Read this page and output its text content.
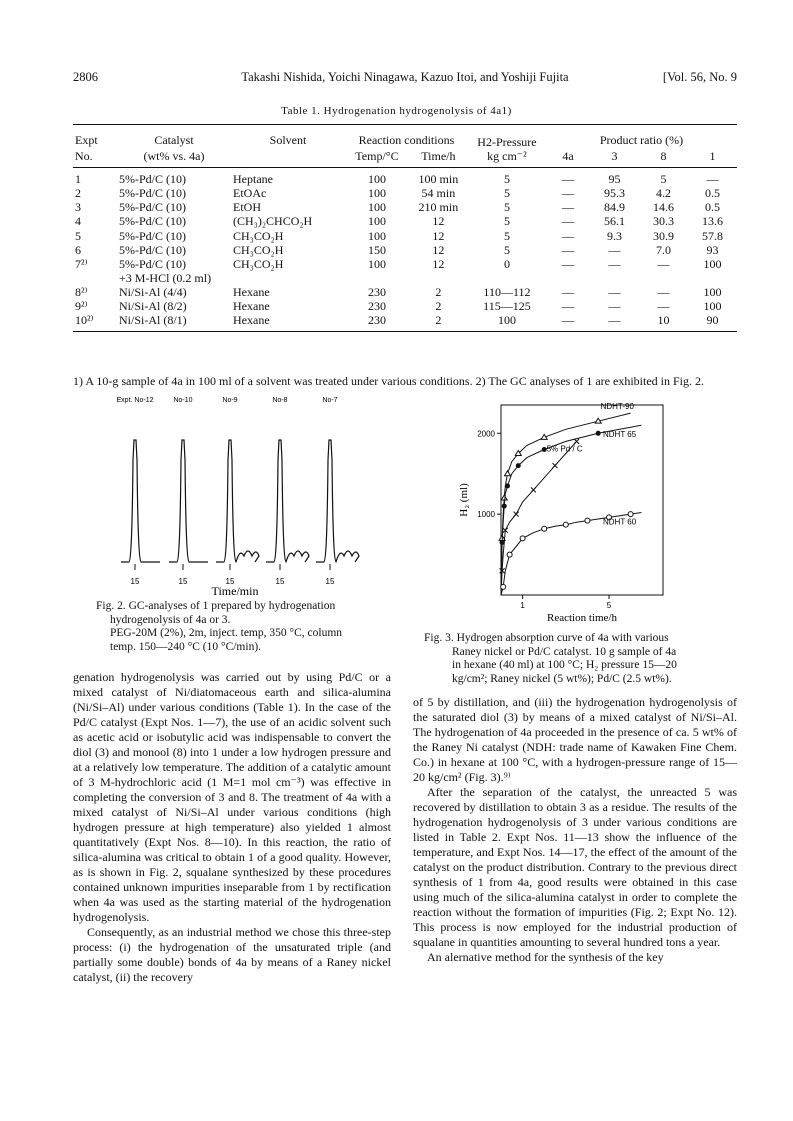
2806	Takashi Nishida, Yoichi Ninagawa, Kazuo Itoi, and Yoshiji Fujita	[Vol. 56, No. 9
Table 1. Hydrogenation hydrogenolysis of 4a1)
Expt	Catalyst	Solvent	Reaction conditions		H2-Pressure	Product ratio (%)			
No.	(wt% vs. 4a)		Temp/°C	Time/h	kg cm⁻²	4a	3	8	1
1	5%-Pd/C (10)	Heptane	100	100 min	5	—	95	5	—
2	5%-Pd/C (10)	EtOAc	100	54 min	5	—	95.3	4.2	0.5
3	5%-Pd/C (10)	EtOH	100	210 min	5	—	84.9	14.6	0.5
4	5%-Pd/C (10)	(CH₃)₂CHCO₂H	100	12	5	—	56.1	30.3	13.6
5	5%-Pd/C (10)	CH₃CO₂H	100	12	5	—	9.3	30.9	57.8
6	5%-Pd/C (10)	CH₃CO₂H	150	12	5	—	—	7.0	93
7²⁾	5%-Pd/C (10)	CH₃CO₂H	100	12	0	—	—	—	100
	+3 M-HCl (0.2 ml)								
8²⁾	Ni/Si-Al (4/4)	Hexane	230	2	110—112	—	—	—	100
9²⁾	Ni/Si-Al (8/2)	Hexane	230	2	115—125	—	—	—	100
10²⁾	Ni/Si-Al (8/1)	Hexane	230	2	100	—	—	10	90
1) A 10-g sample of 4a in 100 ml of a solvent was treated under various conditions. 2) The GC analyses of 1 are exhibited in Fig. 2.
Expt. No-12
15
No-10
15
No-9
15
No-8
15
No-7
15
Time/min
Fig. 2. GC-analyses of 1 prepared by hydrogenation
hydrogenolysis of 4a or 3.
PEG-20M (2%), 2m, inject. temp, 350 °C, column
temp. 150—240 °C (10 °C/min).
1000
2000
1	5
Reaction time/h
H₂ (ml)
NDHT-90
NDHT 65
5% Pd / C
NDHT 60
Fig. 3. Hydrogen absorption curve of 4a with various
Raney nickel or Pd/C catalyst. 10 g sample of 4a
in hexane (40 ml) at 100 °C; H₂ pressure 15—20
kg/cm²; Raney nickel (5 wt%); Pd/C (2.5 wt%).

genation hydrogenolysis was carried out by using Pd/C or a mixed catalyst of Ni/diatomaceous earth and silica-alumina (Ni/Si–Al) under various conditions (Table 1). In the case of the Pd/C catalyst (Expt Nos. 1—7), the use of an acidic solvent such as acetic acid or isobutylic acid was indispensable to convert the diol (3) and monool (8) into 1 under a low hydrogen pressure and at a relatively low temperature. The addition of a catalytic amount of 3 M-hydrochloric acid (1 M=1 mol cm⁻³) was effective in completing the conversion of 3 and 8. The treatment of 4a with a mixed catalyst of Ni/Si–Al under various conditions (high hydrogen pressure at high temperature) also yielded 1 almost quantitatively (Expt Nos. 8—10). In this reaction, the ratio of silica-alumina was critical to obtain 1 of a good quality. However, as is shown in Fig. 2, squalane synthesized by these procedures contained unknown impurities inseparable from 1 by rectification when 4a was used as the starting material of the hydrogenation hydrogenolysis.

Consequently, as an industrial method we chose this three-step process: (i) the hydrogenation of the unsaturated triple (and partially some double) bonds of 4a by means of a Raney nickel catalyst, (ii) the recovery

of 5 by distillation, and (iii) the hydrogenation hydrogenolysis of the saturated diol (3) by means of a mixed catalyst of Ni/Si–Al. The hydrogenation of 4a proceeded in the presence of ca. 5 wt% of the Raney Ni catalyst (NDH: trade name of Kawaken Fine Chem. Co.) in hexane at 100 °C, with a hydrogen-pressure range of 15—20 kg/cm² (Fig. 3).⁹⁾

After the separation of the catalyst, the unreacted 5 was recovered by distillation to obtain 3 as a residue. The results of the hydrogenation hydrogenolysis of 3 under various conditions are listed in Table 2. Expt Nos. 11—13 show the influence of the temperature, and Expt Nos. 14—17, the effect of the amount of the catalyst on the product distribution. Contrary to the previous direct synthesis of 1 from 4a, good results were obtained in this case using much of the silica-alumina catalyst in order to complete the reaction without the formation of impurities (Fig. 2; Expt No. 12). This process is now employed for the industrial production of squalane in quantities amounting to several hundred tons a year.

An alernative method for the synthesis of the key
